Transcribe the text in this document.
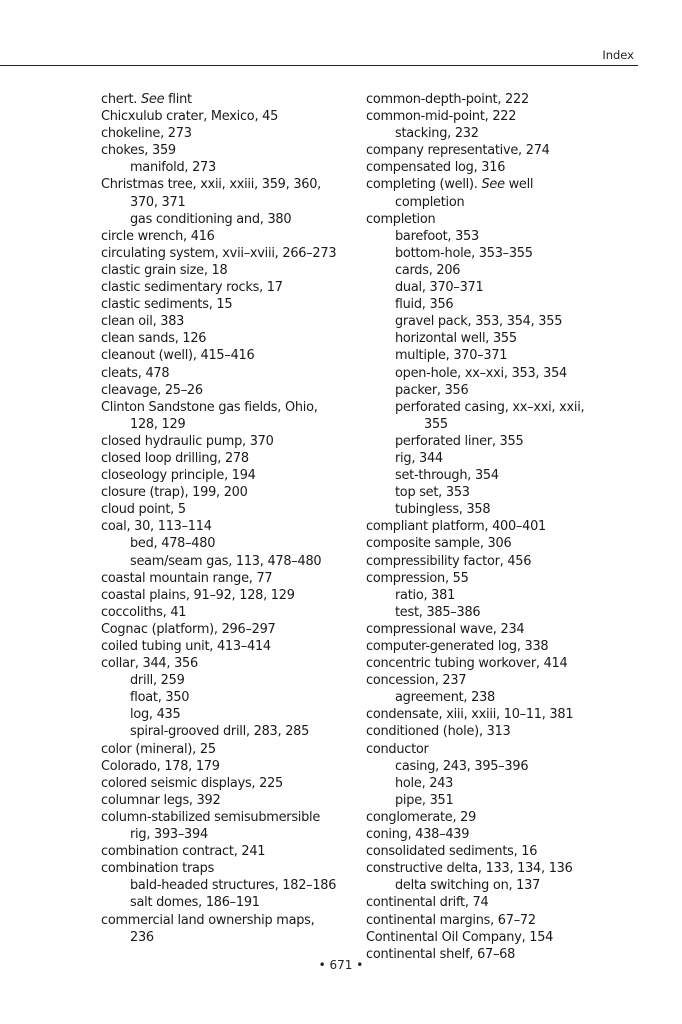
Index
chert. See flint
Chicxulub crater, Mexico, 45
chokeline, 273
chokes, 359
manifold, 273
Christmas tree, xxii, xxiii, 359, 360,
370, 371
gas conditioning and, 380
circle wrench, 416
circulating system, xvii–xviii, 266–273
clastic grain size, 18
clastic sedimentary rocks, 17
clastic sediments, 15
clean oil, 383
clean sands, 126
cleanout (well), 415–416
cleats, 478
cleavage, 25–26
Clinton Sandstone gas fields, Ohio,
128, 129
closed hydraulic pump, 370
closed loop drilling, 278
closeology principle, 194
closure (trap), 199, 200
cloud point, 5
coal, 30, 113–114
bed, 478–480
seam/seam gas, 113, 478–480
coastal mountain range, 77
coastal plains, 91–92, 128, 129
coccoliths, 41
Cognac (platform), 296–297
coiled tubing unit, 413–414
collar, 344, 356
drill, 259
float, 350
log, 435
spiral-grooved drill, 283, 285
color (mineral), 25
Colorado, 178, 179
colored seismic displays, 225
columnar legs, 392
column-stabilized semisubmersible
rig, 393–394
combination contract, 241
combination traps
bald-headed structures, 182–186
salt domes, 186–191
commercial land ownership maps,
236
common-depth-point, 222
common-mid-point, 222
stacking, 232
company representative, 274
compensated log, 316
completing (well). See well
completion
completion
barefoot, 353
bottom-hole, 353–355
cards, 206
dual, 370–371
fluid, 356
gravel pack, 353, 354, 355
horizontal well, 355
multiple, 370–371
open-hole, xx–xxi, 353, 354
packer, 356
perforated casing, xx–xxi, xxii,
355
perforated liner, 355
rig, 344
set-through, 354
top set, 353
tubingless, 358
compliant platform, 400–401
composite sample, 306
compressibility factor, 456
compression, 55
ratio, 381
test, 385–386
compressional wave, 234
computer-generated log, 338
concentric tubing workover, 414
concession, 237
agreement, 238
condensate, xiii, xxiii, 10–11, 381
conditioned (hole), 313
conductor
casing, 243, 395–396
hole, 243
pipe, 351
conglomerate, 29
coning, 438–439
consolidated sediments, 16
constructive delta, 133, 134, 136
delta switching on, 137
continental drift, 74
continental margins, 67–72
Continental Oil Company, 154
continental shelf, 67–68
• 671 •
